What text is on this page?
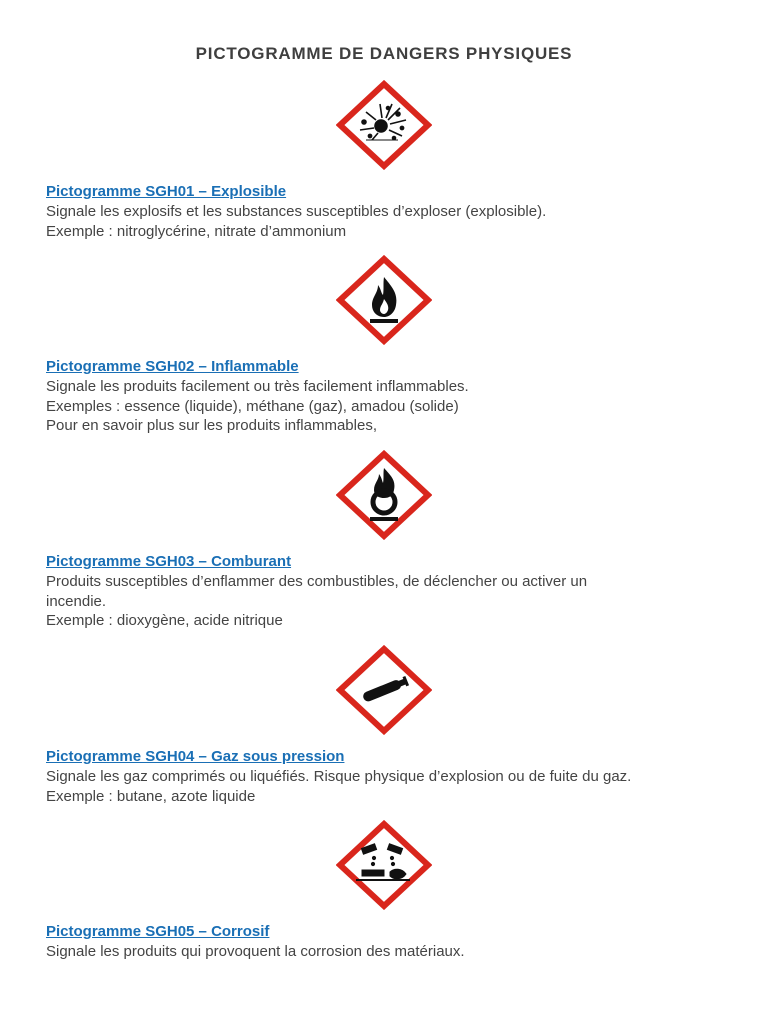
PICTOGRAMME DE DANGERS PHYSIQUES
Pictogramme SGH01 – Explosible

Signale les explosifs et les substances susceptibles d’exploser (explosible).

Exemple : nitroglycérine, nitrate d’ammonium

Pictogramme SGH02 – Inflammable

Signale les produits facilement ou très facilement inflammables.

Exemples : essence (liquide), méthane (gaz), amadou (solide)

Pour en savoir plus sur les produits inflammables,

Pictogramme SGH03 – Comburant

Produits susceptibles d’enflammer des combustibles, de déclencher ou activer un

incendie.

Exemple : dioxygène, acide nitrique

Pictogramme SGH04 – Gaz sous pression

Signale les gaz comprimés ou liquéfiés. Risque physique d’explosion ou de fuite du gaz.

Exemple : butane, azote liquide

Pictogramme SGH05 – Corrosif

Signale les produits qui provoquent la corrosion des matériaux.
